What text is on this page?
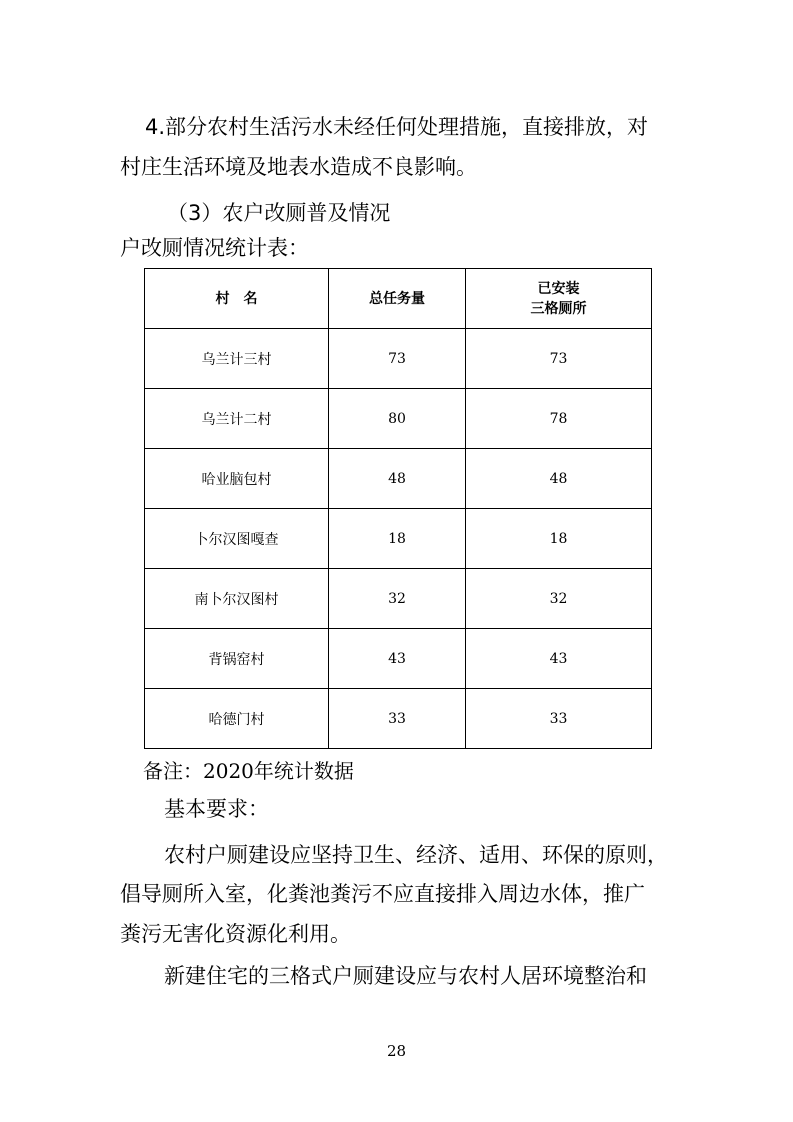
4.部分农村生活污水未经任何处理措施，直接排放，对
村庄生活环境及地表水造成不良影响。
（3）农户改厕普及情况
户改厕情况统计表：
村　名	总任务量	已安装
三格厕所

乌兰计三村	73	73
乌兰计二村	80	78
哈业脑包村	48	48
卜尔汉图嘎查	18	18
南卜尔汉图村	32	32
背锅窑村	43	43
哈德门村	33	33
备注：2020年统计数据
基本要求：
农村户厕建设应坚持卫生、经济、适用、环保的原则，
倡导厕所入室，化粪池粪污不应直接排入周边水体，推广
粪污无害化资源化利用。
新建住宅的三格式户厕建设应与农村人居环境整治和
28
